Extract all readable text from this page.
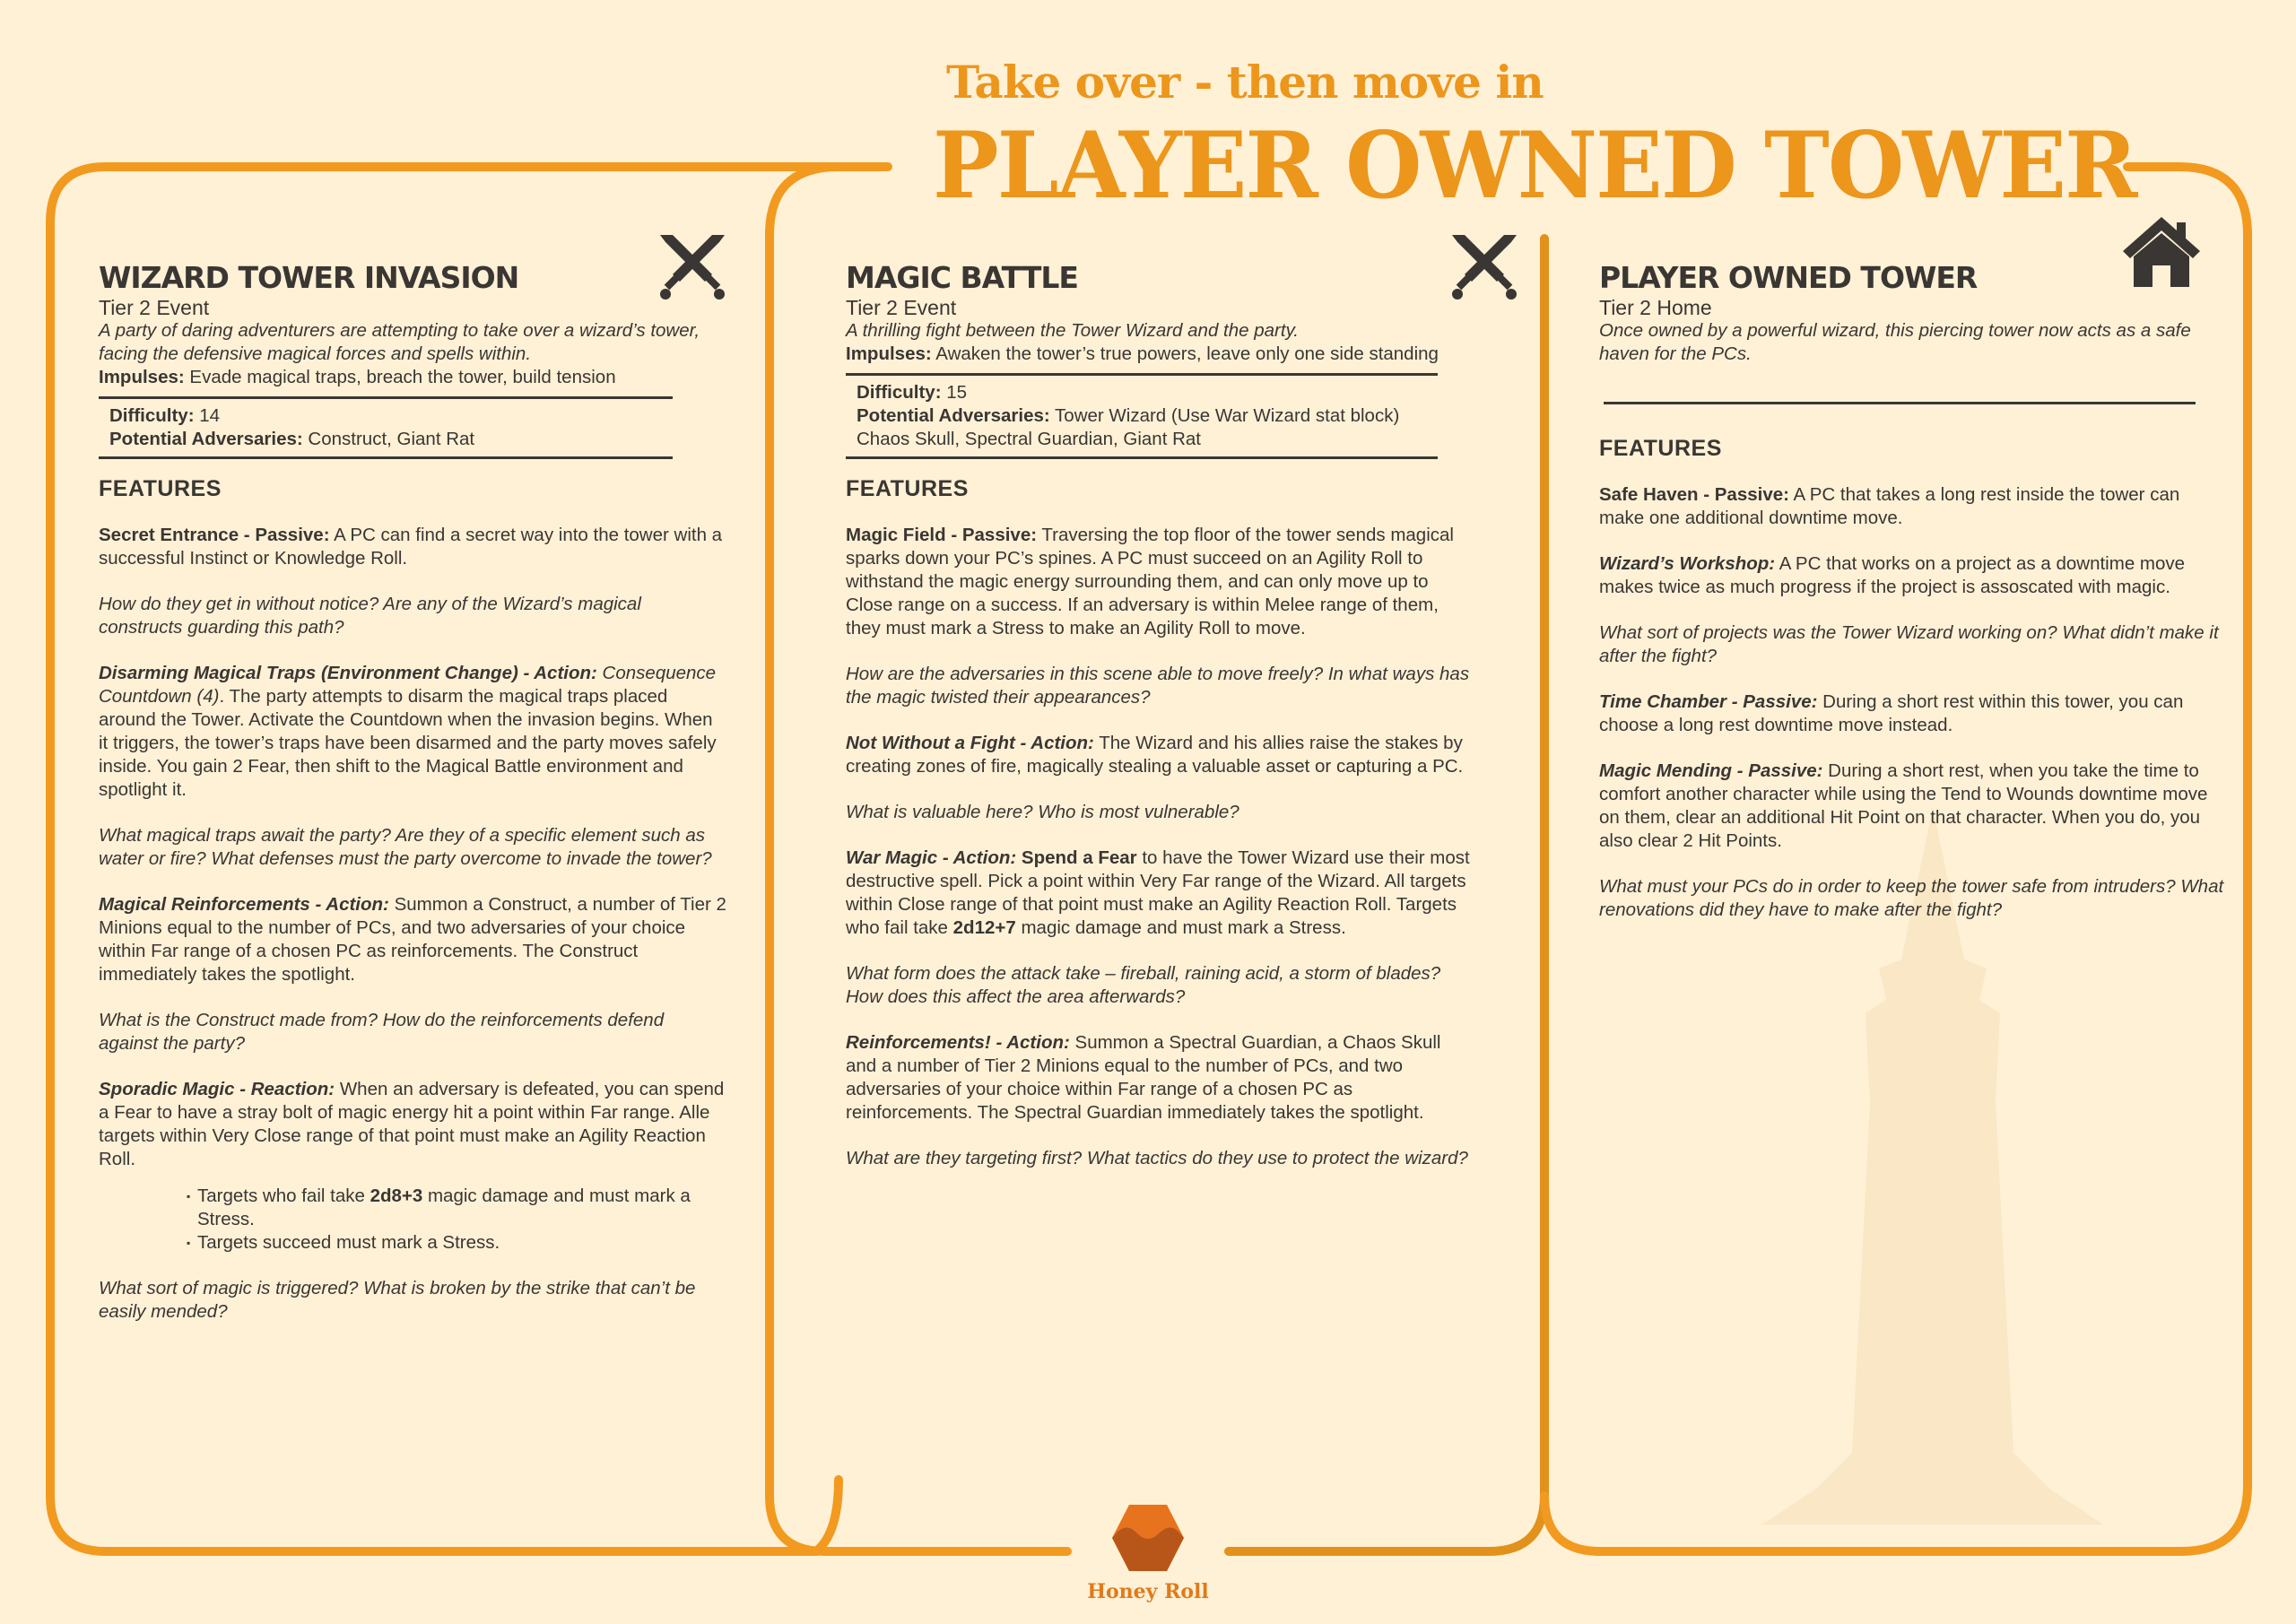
Take over - then move in
PLAYER OWNED TOWER
WIZARD TOWER INVASION
Tier 2 Event
A party of daring adventurers are attempting to take over a wizard’s tower, facing the defensive magical forces and spells within.
Impulses: Evade magical traps, breach the tower, build tension
Difficulty: 14
Potential Adversaries: Construct, Giant Rat
FEATURES

Secret Entrance - Passive: A PC can find a secret way into the tower with a successful Instinct or Knowledge Roll.

How do they get in without notice? Are any of the Wizard’s magical constructs guarding this path?

Disarming Magical Traps (Environment Change) - Action: Consequence Countdown (4). The party attempts to disarm the magical traps placed around the Tower. Activate the Countdown when the invasion begins. When it triggers, the tower’s traps have been disarmed and the party moves safely inside. You gain 2 Fear, then shift to the Magical Battle environment and spotlight it.

What magical traps await the party? Are they of a specific element such as water or fire? What defenses must the party overcome to invade the tower?

Magical Reinforcements - Action: Summon a Construct, a number of Tier 2 Minions equal to the number of PCs, and two adversaries of your choice within Far range of a chosen PC as reinforcements. The Construct immediately takes the spotlight.

What is the Construct made from? How do the reinforcements defend against the party?

Sporadic Magic - Reaction: When an adversary is defeated, you can spend a Fear to have a stray bolt of magic energy hit a point within Far range. Alle targets within Very Close range of that point must make an Agility Reaction Roll.

▪ Targets who fail take 2d8+3 magic damage and must mark a Stress.
▪ Targets succeed must mark a Stress.

What sort of magic is triggered? What is broken by the strike that can’t be easily mended?

MAGIC BATTLE
Tier 2 Event
A thrilling fight between the Tower Wizard and the party.
Impulses: Awaken the tower’s true powers, leave only one side standing
Difficulty: 15
Potential Adversaries: Tower Wizard (Use War Wizard stat block) Chaos Skull, Spectral Guardian, Giant Rat
FEATURES

Magic Field - Passive: Traversing the top floor of the tower sends magical sparks down your PC’s spines. A PC must succeed on an Agility Roll to withstand the magic energy surrounding them, and can only move up to Close range on a success. If an adversary is within Melee range of them, they must mark a Stress to make an Agility Roll to move.

How are the adversaries in this scene able to move freely? In what ways has the magic twisted their appearances?

Not Without a Fight - Action: The Wizard and his allies raise the stakes by creating zones of fire, magically stealing a valuable asset or capturing a PC.

What is valuable here? Who is most vulnerable?

War Magic - Action: Spend a Fear to have the Tower Wizard use their most destructive spell. Pick a point within Very Far range of the Wizard. All targets within Close range of that point must make an Agility Reaction Roll. Targets who fail take 2d12+7 magic damage and must mark a Stress.

What form does the attack take – fireball, raining acid, a storm of blades? How does this affect the area afterwards?

Reinforcements! - Action: Summon a Spectral Guardian, a Chaos Skull and a number of Tier 2 Minions equal to the number of PCs, and two adversaries of your choice within Far range of a chosen PC as reinforcements. The Spectral Guardian immediately takes the spotlight.

What are they targeting first? What tactics do they use to protect the wizard?

PLAYER OWNED TOWER
Tier 2 Home
Once owned by a powerful wizard, this piercing tower now acts as a safe haven for the PCs.
FEATURES

Safe Haven - Passive: A PC that takes a long rest inside the tower can make one additional downtime move.

Wizard’s Workshop: A PC that works on a project as a downtime move makes twice as much progress if the project is assoscated with magic.

What sort of projects was the Tower Wizard working on? What didn’t make it after the fight?

Time Chamber - Passive: During a short rest within this tower, you can choose a long rest downtime move instead.

Magic Mending - Passive: During a short rest, when you take the time to comfort another character while using the Tend to Wounds downtime move on them, clear an additional Hit Point on that character. When you do, you also clear 2 Hit Points.

What must your PCs do in order to keep the tower safe from intruders? What renovations did they have to make after the fight?

Honey Roll
